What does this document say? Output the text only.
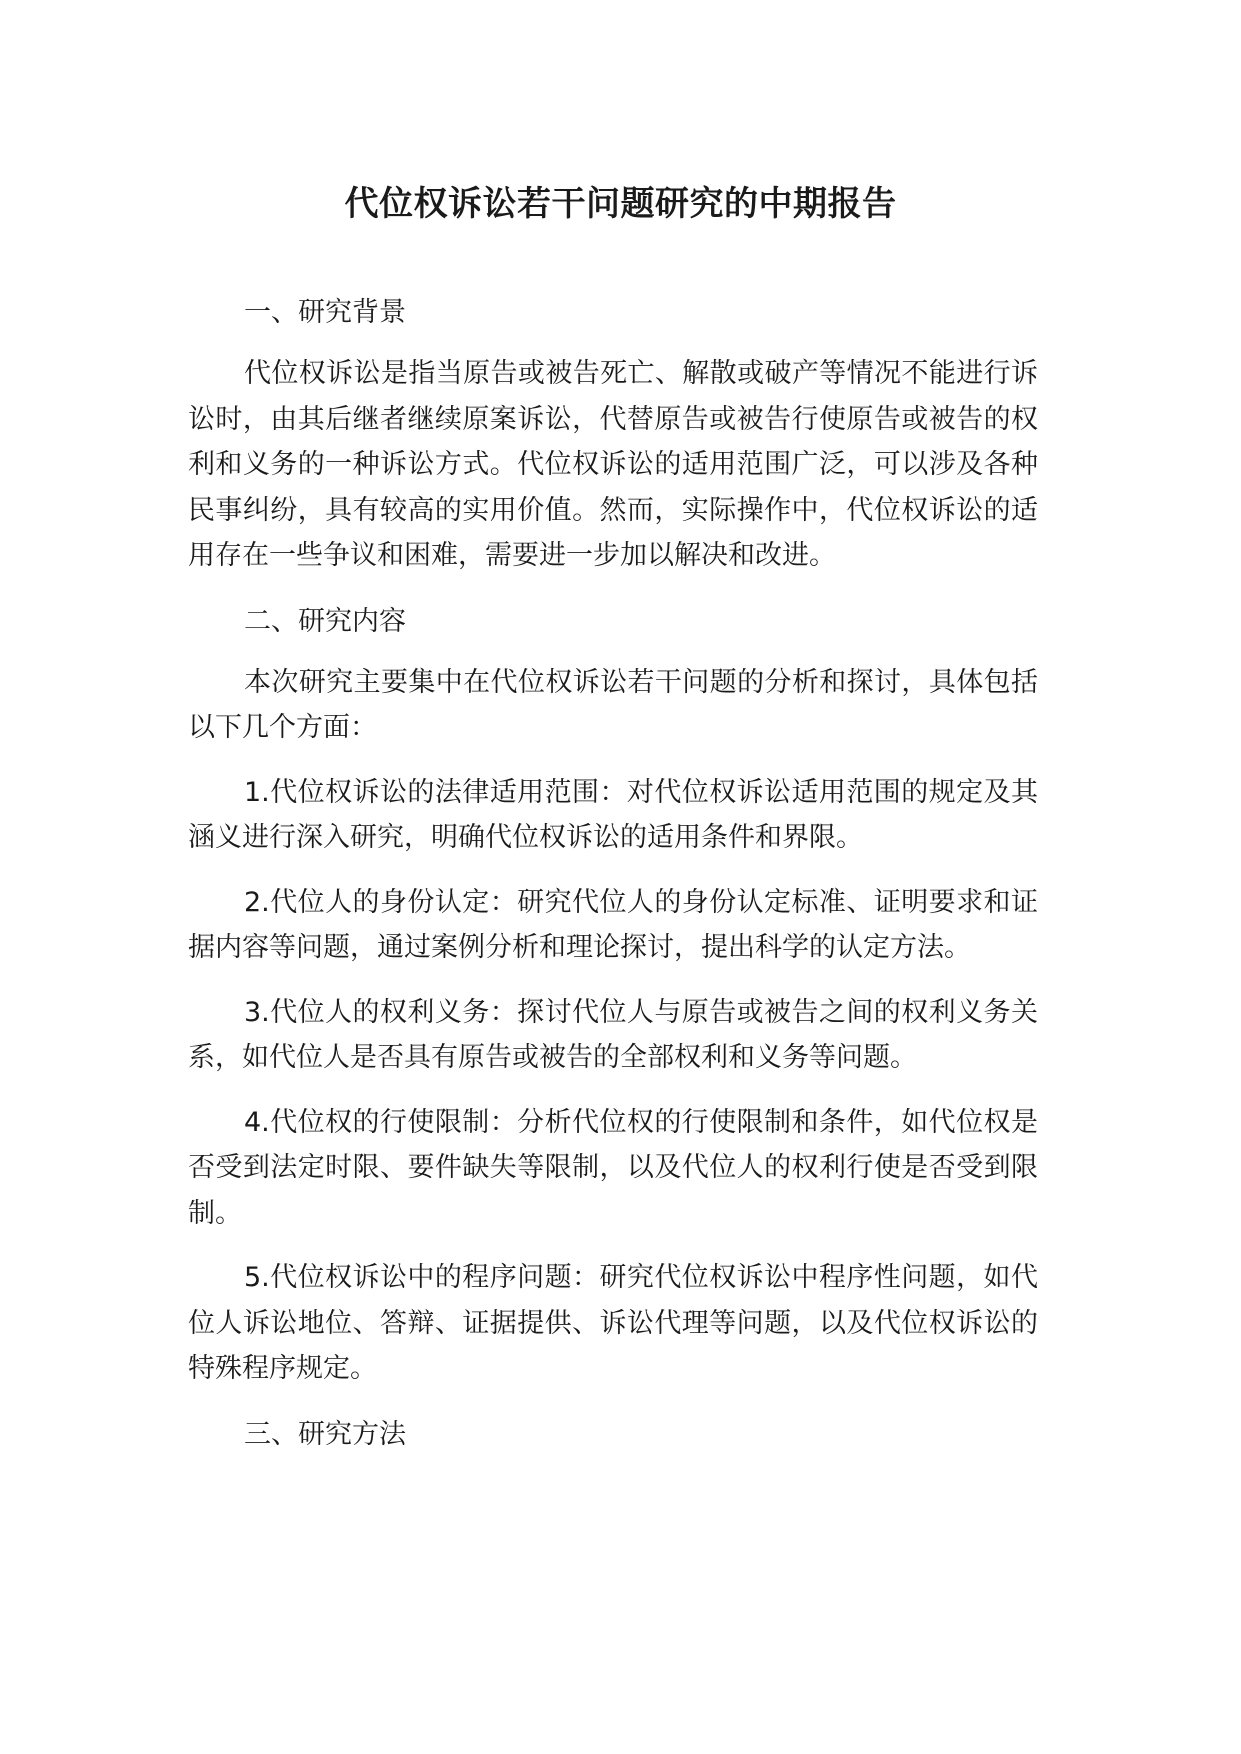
代位权诉讼若干问题研究的中期报告

一、研究背景

代位权诉讼是指当原告或被告死亡、解散或破产等情况不能进行诉讼时，由其后继者继续原案诉讼，代替原告或被告行使原告或被告的权利和义务的一种诉讼方式。代位权诉讼的适用范围广泛，可以涉及各种民事纠纷，具有较高的实用价值。然而，实际操作中，代位权诉讼的适用存在一些争议和困难，需要进一步加以解决和改进。

二、研究内容

本次研究主要集中在代位权诉讼若干问题的分析和探讨，具体包括以下几个方面：

1.代位权诉讼的法律适用范围：对代位权诉讼适用范围的规定及其涵义进行深入研究，明确代位权诉讼的适用条件和界限。

2.代位人的身份认定：研究代位人的身份认定标准、证明要求和证据内容等问题，通过案例分析和理论探讨，提出科学的认定方法。

3.代位人的权利义务：探讨代位人与原告或被告之间的权利义务关系，如代位人是否具有原告或被告的全部权利和义务等问题。

4.代位权的行使限制：分析代位权的行使限制和条件，如代位权是否受到法定时限、要件缺失等限制，以及代位人的权利行使是否受到限制。

5.代位权诉讼中的程序问题：研究代位权诉讼中程序性问题，如代位人诉讼地位、答辩、证据提供、诉讼代理等问题，以及代位权诉讼的特殊程序规定。

三、研究方法
